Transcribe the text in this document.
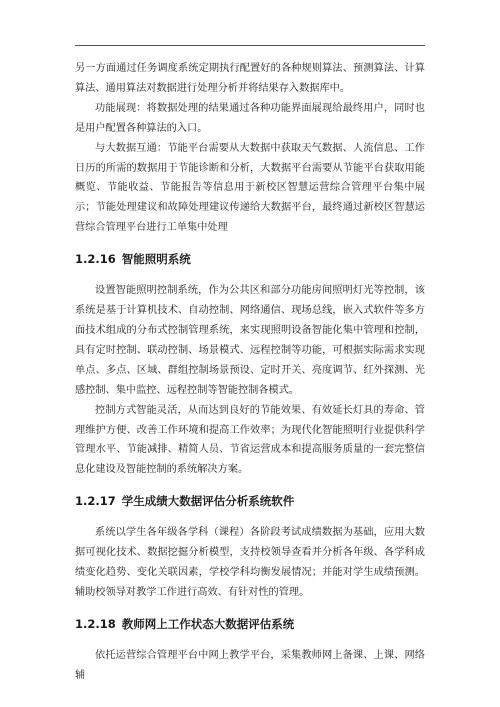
另一方面通过任务调度系统定期执行配置好的各种规则算法、预测算法、计算算法、通用算法对数据进行处理分析并将结果存入数据库中。

功能展现：将数据处理的结果通过各种功能界面展现给最终用户，同时也是用户配置各种算法的入口。

与大数据互通：节能平台需要从大数据中获取天气数据、人流信息、工作日历的所需的数据用于节能诊断和分析，大数据平台需要从节能平台获取用能概览、节能收益、节能报告等信息用于新校区智慧运营综合管理平台集中展示；节能处理建议和故障处理建议传递给大数据平台，最终通过新校区智慧运营综合管理平台进行工单集中处理

1.2.16 智能照明系统

设置智能照明控制系统，作为公共区和部分功能房间照明灯光等控制，该系统是基于计算机技术、自动控制、网络通信、现场总线，嵌入式软件等多方面技术组成的分布式控制管理系统，来实现照明设备智能化集中管理和控制，具有定时控制、联动控制、场景模式、远程控制等功能，可根据实际需求实现单点、多点、区域、群组控制场景预设、定时开关、亮度调节、红外探测、光感控制、集中监控、远程控制等智能控制各模式。

控制方式智能灵活，从而达到良好的节能效果、有效延长灯具的寿命、管理维护方便、改善工作环境和提高工作效率；为现代化智能照明行业提供科学管理水平、节能减排、精简人员、节省运营成本和提高服务质量的一套完整信息化建设及智能控制的系统解决方案。

1.2.17 学生成绩大数据评估分析系统软件

系统以学生各年级各学科（课程）各阶段考试成绩数据为基础，应用大数据可视化技术、数据挖掘分析模型，支持校领导查看并分析各年级、各学科成绩变化趋势、变化关联因素，学校学科均衡发展情况；并能对学生成绩预测。辅助校领导对教学工作进行高效、有针对性的管理。

1.2.18 教师网上工作状态大数据评估系统

依托运营综合管理平台中网上教学平台，采集教师网上备课、上课、网络辅
